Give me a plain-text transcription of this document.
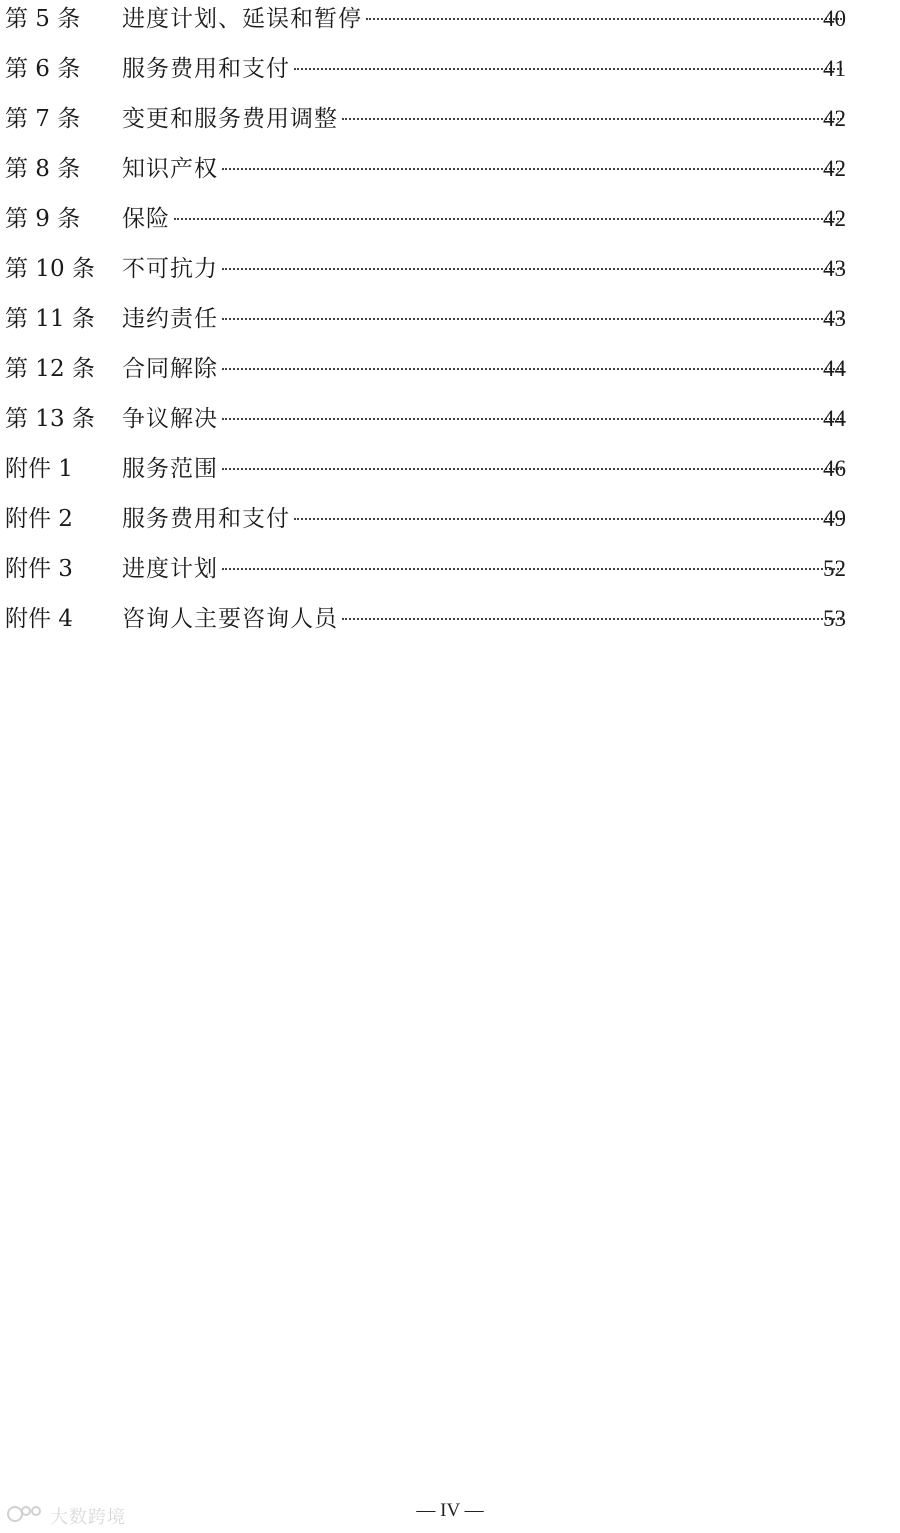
第 5 条 进度计划、延误和暂停	40
第 6 条 服务费用和支付	41
第 7 条 变更和服务费用调整	42
第 8 条 知识产权	42
第 9 条 保险	42
第 10 条 不可抗力	43
第 11 条 违约责任	43
第 12 条 合同解除	44
第 13 条 争议解决	44
附件 1 服务范围	46
附件 2 服务费用和支付	49
附件 3 进度计划	52
附件 4 咨询人主要咨询人员	53
大数跨境	— IV —
